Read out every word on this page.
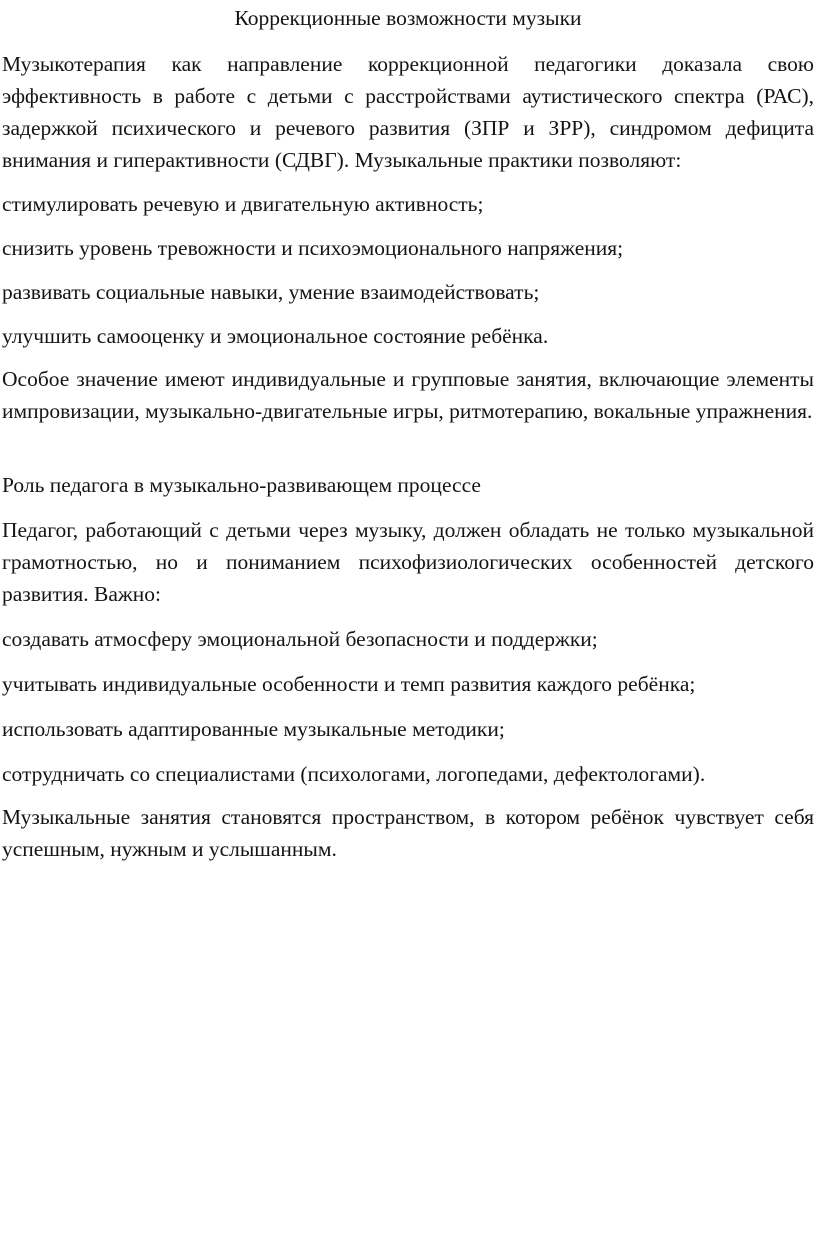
Коррекционные возможности музыки

Музыкотерапия как направление коррекционной педагогики доказала свою эффективность в работе с детьми с расстройствами аутистического спектра (РАС), задержкой психического и речевого развития (ЗПР и ЗРР), синдромом дефицита внимания и гиперактивности (СДВГ). Музыкальные практики позволяют:

стимулировать речевую и двигательную активность;

снизить уровень тревожности и психоэмоционального напряжения;

развивать социальные навыки, умение взаимодействовать;

улучшить самооценку и эмоциональное состояние ребёнка.

Особое значение имеют индивидуальные и групповые занятия, включающие элементы импровизации, музыкально-двигательные игры, ритмотерапию, вокальные упражнения.

Роль педагога в музыкально-развивающем процессе

Педагог, работающий с детьми через музыку, должен обладать не только музыкальной грамотностью, но и пониманием психофизиологических особенностей детского развития. Важно:

создавать атмосферу эмоциональной безопасности и поддержки;

учитывать индивидуальные особенности и темп развития каждого ребёнка;

использовать адаптированные музыкальные методики;

сотрудничать со специалистами (психологами, логопедами, дефектологами).

Музыкальные занятия становятся пространством, в котором ребёнок чувствует себя успешным, нужным и услышанным.
